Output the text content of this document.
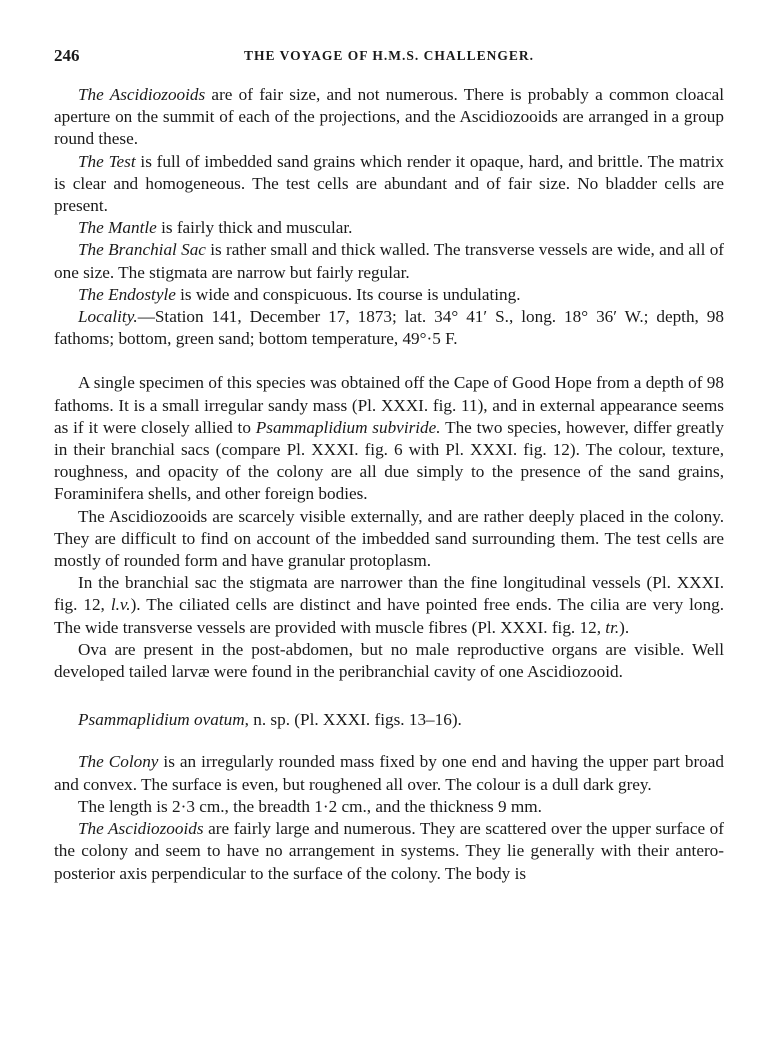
246	THE VOYAGE OF H.M.S. CHALLENGER.

The Ascidiozooids are of fair size, and not numerous. There is probably a common cloacal aperture on the summit of each of the projections, and the Ascidiozooids are arranged in a group round these.

The Test is full of imbedded sand grains which render it opaque, hard, and brittle. The matrix is clear and homogeneous. The test cells are abundant and of fair size. No bladder cells are present.

The Mantle is fairly thick and muscular.

The Branchial Sac is rather small and thick walled. The transverse vessels are wide, and all of one size. The stigmata are narrow but fairly regular.

The Endostyle is wide and conspicuous. Its course is undulating.

Locality.—Station 141, December 17, 1873; lat. 34° 41′ S., long. 18° 36′ W.; depth, 98 fathoms; bottom, green sand; bottom temperature, 49°·5 F.

A single specimen of this species was obtained off the Cape of Good Hope from a depth of 98 fathoms. It is a small irregular sandy mass (Pl. XXXI. fig. 11), and in external appearance seems as if it were closely allied to Psammaplidium subviride. The two species, however, differ greatly in their branchial sacs (compare Pl. XXXI. fig. 6 with Pl. XXXI. fig. 12). The colour, texture, roughness, and opacity of the colony are all due simply to the presence of the sand grains, Foraminifera shells, and other foreign bodies.

The Ascidiozooids are scarcely visible externally, and are rather deeply placed in the colony. They are difficult to find on account of the imbedded sand surrounding them. The test cells are mostly of rounded form and have granular protoplasm.

In the branchial sac the stigmata are narrower than the fine longitudinal vessels (Pl. XXXI. fig. 12, l.v.). The ciliated cells are distinct and have pointed free ends. The cilia are very long. The wide transverse vessels are provided with muscle fibres (Pl. XXXI. fig. 12, tr.).

Ova are present in the post-abdomen, but no male reproductive organs are visible. Well developed tailed larvæ were found in the peribranchial cavity of one Ascidiozooid.

Psammaplidium ovatum, n. sp. (Pl. XXXI. figs. 13–16).

The Colony is an irregularly rounded mass fixed by one end and having the upper part broad and convex. The surface is even, but roughened all over. The colour is a dull dark grey.

The length is 2·3 cm., the breadth 1·2 cm., and the thickness 9 mm.

The Ascidiozooids are fairly large and numerous. They are scattered over the upper surface of the colony and seem to have no arrangement in systems. They lie generally with their antero-posterior axis perpendicular to the surface of the colony. The body is
